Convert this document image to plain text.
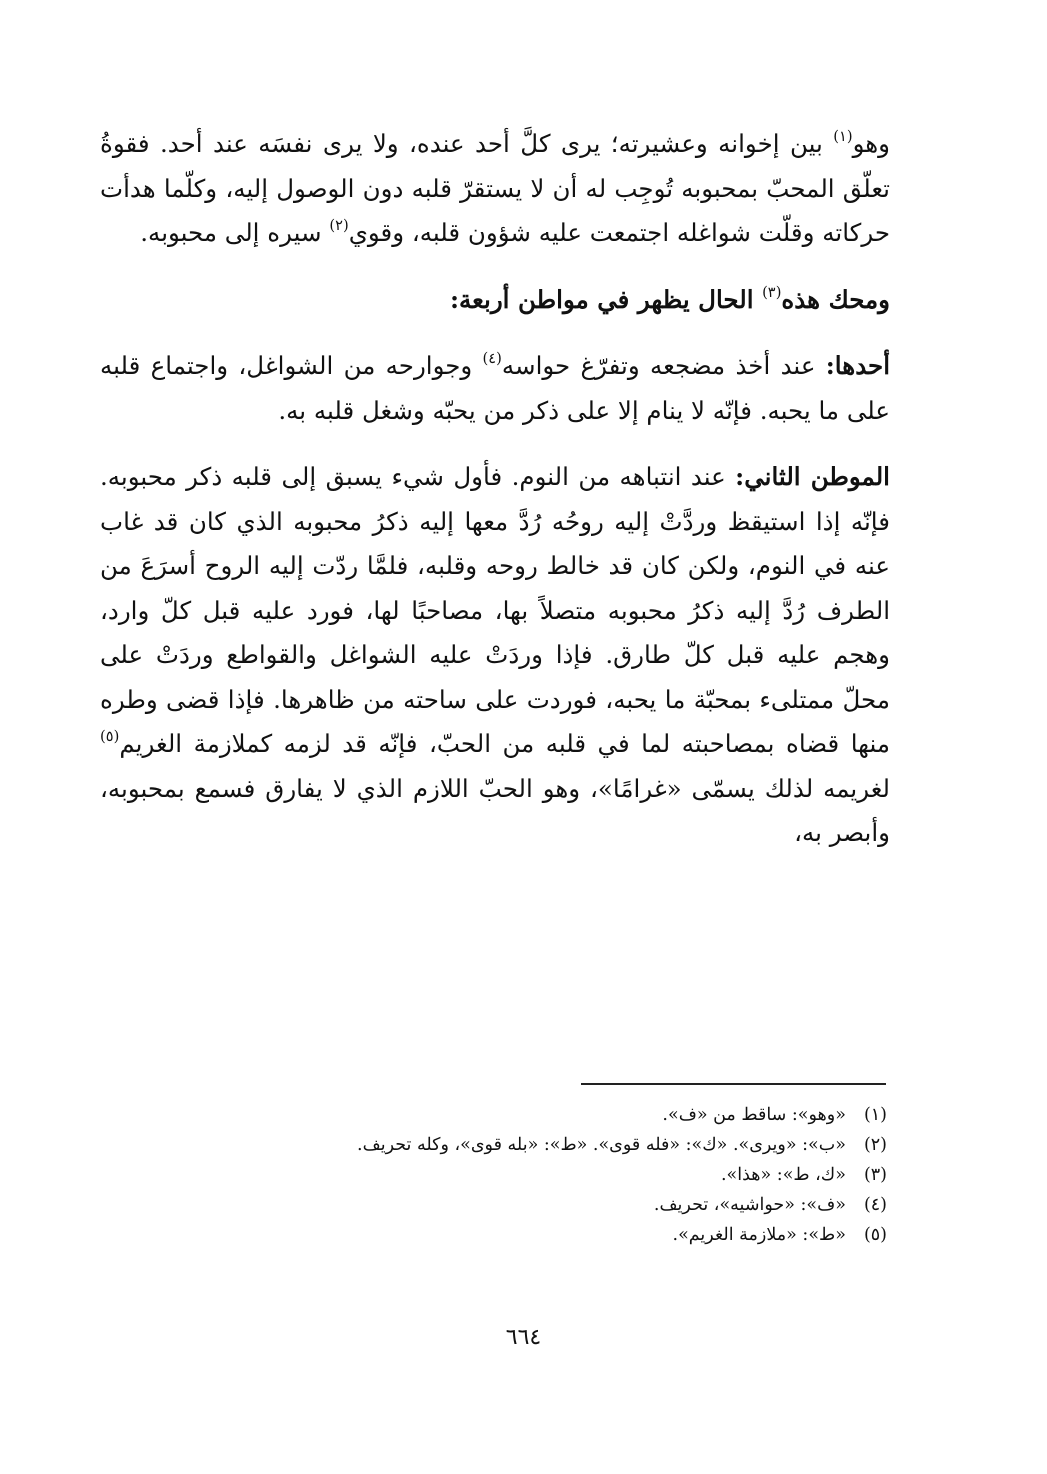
وهو$^{(١)}$ بين إخوانه وعشيرته؛ يرى كلَّ أحد عنده، ولا يرى نفسَه عند أحد. فقوةُ تعلّق المحبّ بمحبوبه تُوجِب له أن لا يستقرّ قلبه دون الوصول إليه، وكلّما هدأت حركاته وقلّت شواغله اجتمعت عليه شؤون قلبه، وقوي$^{(٢)}$ سيره إلى محبوبه.

ومحك هذه$^{(٣)}$ الحال يظهر في مواطن أربعة:

أحدها: عند أخذ مضجعه وتفرّغ حواسه$^{(٤)}$ وجوارحه من الشواغل، واجتماع قلبه على ما يحبه. فإنّه لا ينام إلا على ذكر من يحبّه وشغل قلبه به.

الموطن الثاني: عند انتباهه من النوم. فأول شيء يسبق إلى قلبه ذكر محبوبه. فإنّه إذا استيقظ وردَّتْ إليه روحُه رُدَّ معها إليه ذكرُ محبوبه الذي كان قد غاب عنه في النوم، ولكن كان قد خالط روحه وقلبه، فلمَّا ردّت إليه الروح أسرَعَ من الطرف رُدَّ إليه ذكرُ محبوبه متصلاً بها، مصاحبًا لها، فورد عليه قبل كلّ وارد، وهجم عليه قبل كلّ طارق. فإذا وردَتْ عليه الشواغل والقواطع وردَتْ على محلّ ممتلىء بمحبّة ما يحبه، فوردت على ساحته من ظاهرها. فإذا قضى وطره منها قضاه بمصاحبته لما في قلبه من الحبّ، فإنّه قد لزمه كملازمة الغريم$^{(٥)}$ لغريمه لذلك يسمّى «غرامًا»، وهو الحبّ اللازم الذي لا يفارق فسمع بمحبوبه، وأبصر به،

(١)«وهو»: ساقط من «ف».
(٢)«ب»: «ويرى». «ك»: «فله قوى». «ط»: «بله قوى»، وكله تحريف.
(٣)«ك، ط»: «هذا».
(٤)«ف»: «حواشيه»، تحريف.
(٥)«ط»: «ملازمة الغريم».
٦٦٤
